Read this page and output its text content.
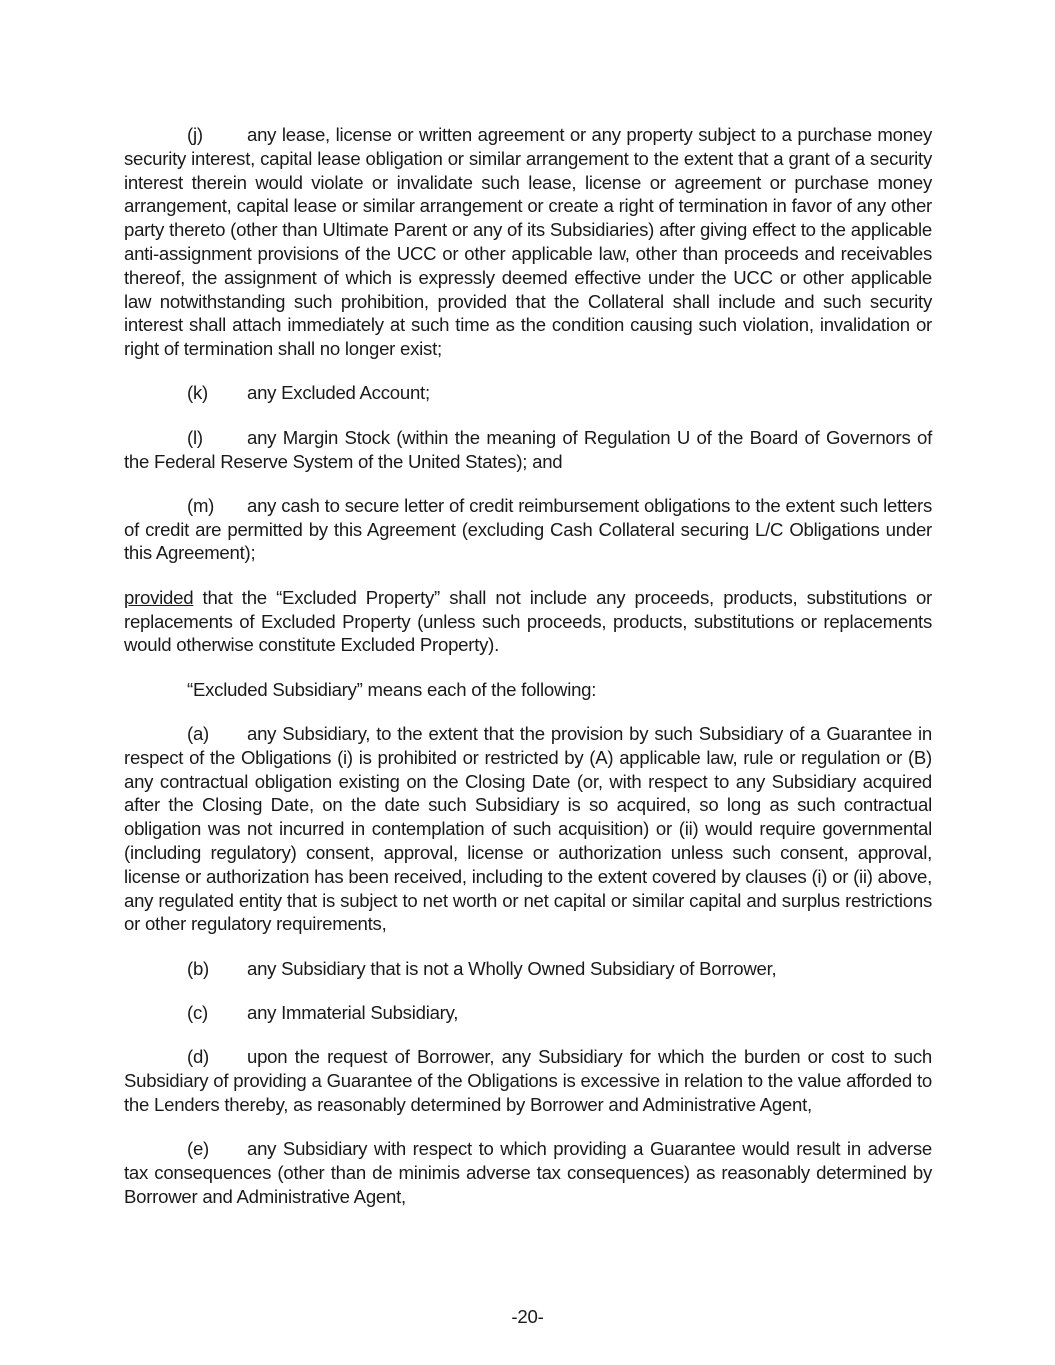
(j) any lease, license or written agreement or any property subject to a purchase money security interest, capital lease obligation or similar arrangement to the extent that a grant of a security interest therein would violate or invalidate such lease, license or agreement or purchase money arrangement, capital lease or similar arrangement or create a right of termination in favor of any other party thereto (other than Ultimate Parent or any of its Subsidiaries) after giving effect to the applicable anti-assignment provisions of the UCC or other applicable law, other than proceeds and receivables thereof, the assignment of which is expressly deemed effective under the UCC or other applicable law notwithstanding such prohibition, provided that the Collateral shall include and such security interest shall attach immediately at such time as the condition causing such violation, invalidation or right of termination shall no longer exist;

(k) any Excluded Account;

(l) any Margin Stock (within the meaning of Regulation U of the Board of Governors of the Federal Reserve System of the United States); and

(m) any cash to secure letter of credit reimbursement obligations to the extent such letters of credit are permitted by this Agreement (excluding Cash Collateral securing L/C Obligations under this Agreement);

provided that the “Excluded Property” shall not include any proceeds, products, substitutions or replacements of Excluded Property (unless such proceeds, products, substitutions or replacements would otherwise constitute Excluded Property).

“Excluded Subsidiary” means each of the following:

(a) any Subsidiary, to the extent that the provision by such Subsidiary of a Guarantee in respect of the Obligations (i) is prohibited or restricted by (A) applicable law, rule or regulation or (B) any contractual obligation existing on the Closing Date (or, with respect to any Subsidiary acquired after the Closing Date, on the date such Subsidiary is so acquired, so long as such contractual obligation was not incurred in contemplation of such acquisition) or (ii) would require governmental (including regulatory) consent, approval, license or authorization unless such consent, approval, license or authorization has been received, including to the extent covered by clauses (i) or (ii) above, any regulated entity that is subject to net worth or net capital or similar capital and surplus restrictions or other regulatory requirements,

(b) any Subsidiary that is not a Wholly Owned Subsidiary of Borrower,

(c) any Immaterial Subsidiary,

(d) upon the request of Borrower, any Subsidiary for which the burden or cost to such Subsidiary of providing a Guarantee of the Obligations is excessive in relation to the value afforded to the Lenders thereby, as reasonably determined by Borrower and Administrative Agent,

(e) any Subsidiary with respect to which providing a Guarantee would result in adverse tax consequences (other than de minimis adverse tax consequences) as reasonably determined by Borrower and Administrative Agent,

-20-
